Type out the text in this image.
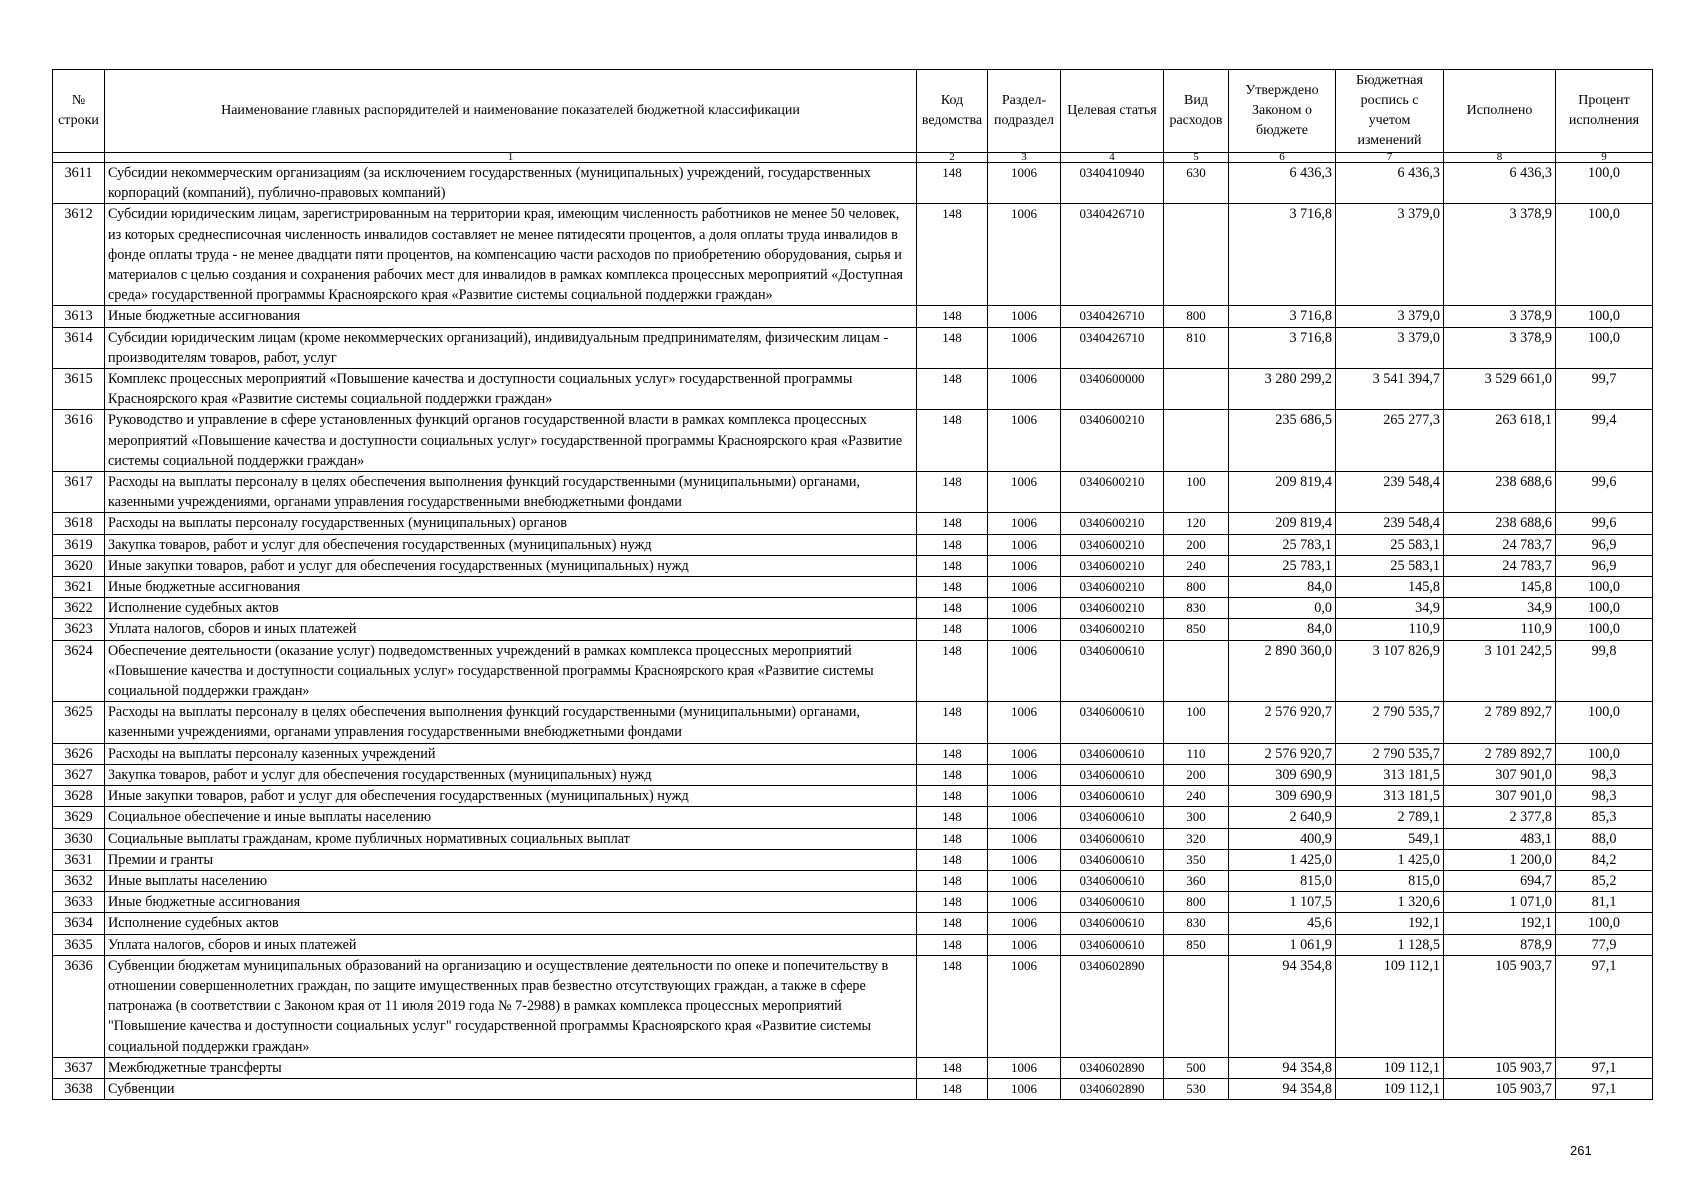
№ строки	Наименование главных распорядителей и наименование показателей бюджетной классификации	Код ведомства	Раздел-подраздел	Целевая статья	Вид расходов	Утверждено Законом о бюджете	Бюджетная роспись с учетом изменений	Исполнено	Процент исполнения
	1	2	3	4	5	6	7	8	9
3611	Субсидии некоммерческим организациям (за исключением государственных (муниципальных) учреждений, государственных корпораций (компаний), публично-правовых компаний)	148	1006	0340410940	630	6 436,3	6 436,3	6 436,3	100,0
3612	Субсидии юридическим лицам, зарегистрированным на территории края, имеющим численность работников не менее 50 человек, из которых среднесписочная численность инвалидов составляет не менее пятидесяти процентов, а доля оплаты труда инвалидов в фонде оплаты труда - не менее двадцати пяти процентов, на компенсацию части расходов по приобретению оборудования, сырья и материалов с целью создания и сохранения рабочих мест для инвалидов в рамках комплекса процессных мероприятий «Доступная среда» государственной программы Красноярского края «Развитие системы социальной поддержки граждан»	148	1006	0340426710		3 716,8	3 379,0	3 378,9	100,0
3613	Иные бюджетные ассигнования	148	1006	0340426710	800	3 716,8	3 379,0	3 378,9	100,0
3614	Субсидии юридическим лицам (кроме некоммерческих организаций), индивидуальным предпринимателям, физическим лицам - производителям товаров, работ, услуг	148	1006	0340426710	810	3 716,8	3 379,0	3 378,9	100,0
3615	Комплекс процессных мероприятий «Повышение качества и доступности социальных услуг» государственной программы Красноярского края «Развитие системы социальной поддержки граждан»	148	1006	0340600000		3 280 299,2	3 541 394,7	3 529 661,0	99,7
3616	Руководство и управление в сфере установленных функций органов государственной власти в рамках комплекса процессных мероприятий «Повышение качества и доступности социальных услуг» государственной программы Красноярского края «Развитие системы социальной поддержки граждан»	148	1006	0340600210		235 686,5	265 277,3	263 618,1	99,4
3617	Расходы на выплаты персоналу в целях обеспечения выполнения функций государственными (муниципальными) органами, казенными учреждениями, органами управления государственными внебюджетными фондами	148	1006	0340600210	100	209 819,4	239 548,4	238 688,6	99,6
3618	Расходы на выплаты персоналу государственных (муниципальных) органов	148	1006	0340600210	120	209 819,4	239 548,4	238 688,6	99,6
3619	Закупка товаров, работ и услуг для обеспечения государственных (муниципальных) нужд	148	1006	0340600210	200	25 783,1	25 583,1	24 783,7	96,9
3620	Иные закупки товаров, работ и услуг для обеспечения государственных (муниципальных) нужд	148	1006	0340600210	240	25 783,1	25 583,1	24 783,7	96,9
3621	Иные бюджетные ассигнования	148	1006	0340600210	800	84,0	145,8	145,8	100,0
3622	Исполнение судебных актов	148	1006	0340600210	830	0,0	34,9	34,9	100,0
3623	Уплата налогов, сборов и иных платежей	148	1006	0340600210	850	84,0	110,9	110,9	100,0
3624	Обеспечение деятельности (оказание услуг) подведомственных учреждений в рамках комплекса процессных мероприятий «Повышение качества и доступности социальных услуг» государственной программы Красноярского края «Развитие системы социальной поддержки граждан»	148	1006	0340600610		2 890 360,0	3 107 826,9	3 101 242,5	99,8
3625	Расходы на выплаты персоналу в целях обеспечения выполнения функций государственными (муниципальными) органами, казенными учреждениями, органами управления государственными внебюджетными фондами	148	1006	0340600610	100	2 576 920,7	2 790 535,7	2 789 892,7	100,0
3626	Расходы на выплаты персоналу казенных учреждений	148	1006	0340600610	110	2 576 920,7	2 790 535,7	2 789 892,7	100,0
3627	Закупка товаров, работ и услуг для обеспечения государственных (муниципальных) нужд	148	1006	0340600610	200	309 690,9	313 181,5	307 901,0	98,3
3628	Иные закупки товаров, работ и услуг для обеспечения государственных (муниципальных) нужд	148	1006	0340600610	240	309 690,9	313 181,5	307 901,0	98,3
3629	Социальное обеспечение и иные выплаты населению	148	1006	0340600610	300	2 640,9	2 789,1	2 377,8	85,3
3630	Социальные выплаты гражданам, кроме публичных нормативных социальных выплат	148	1006	0340600610	320	400,9	549,1	483,1	88,0
3631	Премии и гранты	148	1006	0340600610	350	1 425,0	1 425,0	1 200,0	84,2
3632	Иные выплаты населению	148	1006	0340600610	360	815,0	815,0	694,7	85,2
3633	Иные бюджетные ассигнования	148	1006	0340600610	800	1 107,5	1 320,6	1 071,0	81,1
3634	Исполнение судебных актов	148	1006	0340600610	830	45,6	192,1	192,1	100,0
3635	Уплата налогов, сборов и иных платежей	148	1006	0340600610	850	1 061,9	1 128,5	878,9	77,9
3636	Субвенции бюджетам муниципальных образований на организацию и осуществление деятельности по опеке и попечительству в отношении совершеннолетних граждан, по защите имущественных прав безвестно отсутствующих граждан, а также в сфере патронажа (в соответствии с Законом края от 11 июля 2019 года № 7-2988) в рамках комплекса процессных мероприятий "Повышение качества и доступности социальных услуг" государственной программы Красноярского края «Развитие системы социальной поддержки граждан»	148	1006	0340602890		94 354,8	109 112,1	105 903,7	97,1
3637	Межбюджетные трансферты	148	1006	0340602890	500	94 354,8	109 112,1	105 903,7	97,1
3638	Субвенции	148	1006	0340602890	530	94 354,8	109 112,1	105 903,7	97,1
261
